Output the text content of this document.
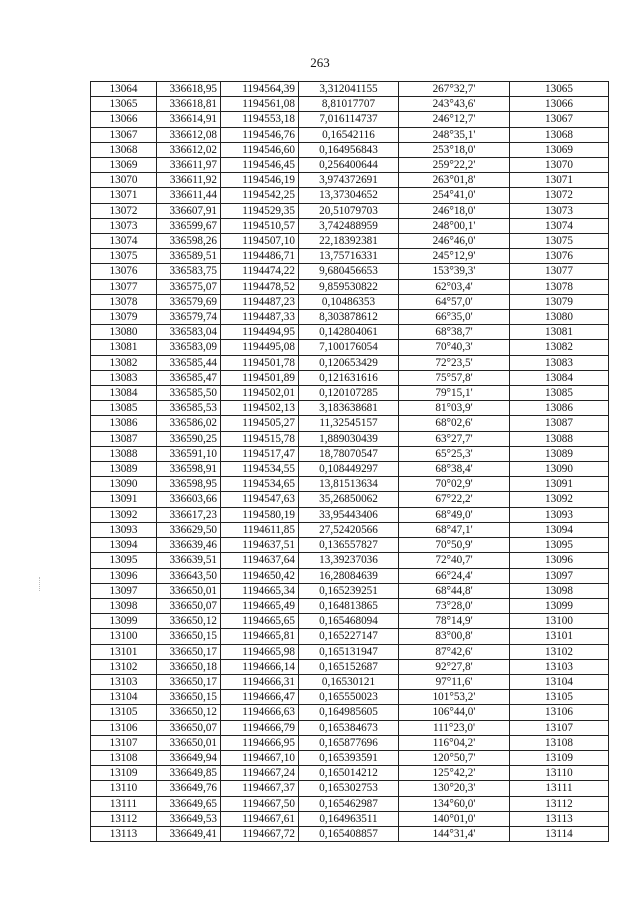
263
13064	336618,95	1194564,39	3,312041155	267°32,7'	13065
13065	336618,81	1194561,08	8,81017707	243°43,6'	13066
13066	336614,91	1194553,18	7,016114737	246°12,7'	13067
13067	336612,08	1194546,76	0,16542116	248°35,1'	13068
13068	336612,02	1194546,60	0,164956843	253°18,0'	13069
13069	336611,97	1194546,45	0,256400644	259°22,2'	13070
13070	336611,92	1194546,19	3,974372691	263°01,8'	13071
13071	336611,44	1194542,25	13,37304652	254°41,0'	13072
13072	336607,91	1194529,35	20,51079703	246°18,0'	13073
13073	336599,67	1194510,57	3,742488959	248°00,1'	13074
13074	336598,26	1194507,10	22,18392381	246°46,0'	13075
13075	336589,51	1194486,71	13,75716331	245°12,9'	13076
13076	336583,75	1194474,22	9,680456653	153°39,3'	13077
13077	336575,07	1194478,52	9,859530822	62°03,4'	13078
13078	336579,69	1194487,23	0,10486353	64°57,0'	13079
13079	336579,74	1194487,33	8,303878612	66°35,0'	13080
13080	336583,04	1194494,95	0,142804061	68°38,7'	13081
13081	336583,09	1194495,08	7,100176054	70°40,3'	13082
13082	336585,44	1194501,78	0,120653429	72°23,5'	13083
13083	336585,47	1194501,89	0,121631616	75°57,8'	13084
13084	336585,50	1194502,01	0,120107285	79°15,1'	13085
13085	336585,53	1194502,13	3,183638681	81°03,9'	13086
13086	336586,02	1194505,27	11,32545157	68°02,6'	13087
13087	336590,25	1194515,78	1,889030439	63°27,7'	13088
13088	336591,10	1194517,47	18,78070547	65°25,3'	13089
13089	336598,91	1194534,55	0,108449297	68°38,4'	13090
13090	336598,95	1194534,65	13,81513634	70°02,9'	13091
13091	336603,66	1194547,63	35,26850062	67°22,2'	13092
13092	336617,23	1194580,19	33,95443406	68°49,0'	13093
13093	336629,50	1194611,85	27,52420566	68°47,1'	13094
13094	336639,46	1194637,51	0,136557827	70°50,9'	13095
13095	336639,51	1194637,64	13,39237036	72°40,7'	13096
13096	336643,50	1194650,42	16,28084639	66°24,4'	13097
13097	336650,01	1194665,34	0,165239251	68°44,8'	13098
13098	336650,07	1194665,49	0,164813865	73°28,0'	13099
13099	336650,12	1194665,65	0,165468094	78°14,9'	13100
13100	336650,15	1194665,81	0,165227147	83°00,8'	13101
13101	336650,17	1194665,98	0,165131947	87°42,6'	13102
13102	336650,18	1194666,14	0,165152687	92°27,8'	13103
13103	336650,17	1194666,31	0,16530121	97°11,6'	13104
13104	336650,15	1194666,47	0,165550023	101°53,2'	13105
13105	336650,12	1194666,63	0,164985605	106°44,0'	13106
13106	336650,07	1194666,79	0,165384673	111°23,0'	13107
13107	336650,01	1194666,95	0,165877696	116°04,2'	13108
13108	336649,94	1194667,10	0,165393591	120°50,7'	13109
13109	336649,85	1194667,24	0,165014212	125°42,2'	13110
13110	336649,76	1194667,37	0,165302753	130°20,3'	13111
13111	336649,65	1194667,50	0,165462987	134°60,0'	13112
13112	336649,53	1194667,61	0,164963511	140°01,0'	13113
13113	336649,41	1194667,72	0,165408857	144°31,4'	13114
